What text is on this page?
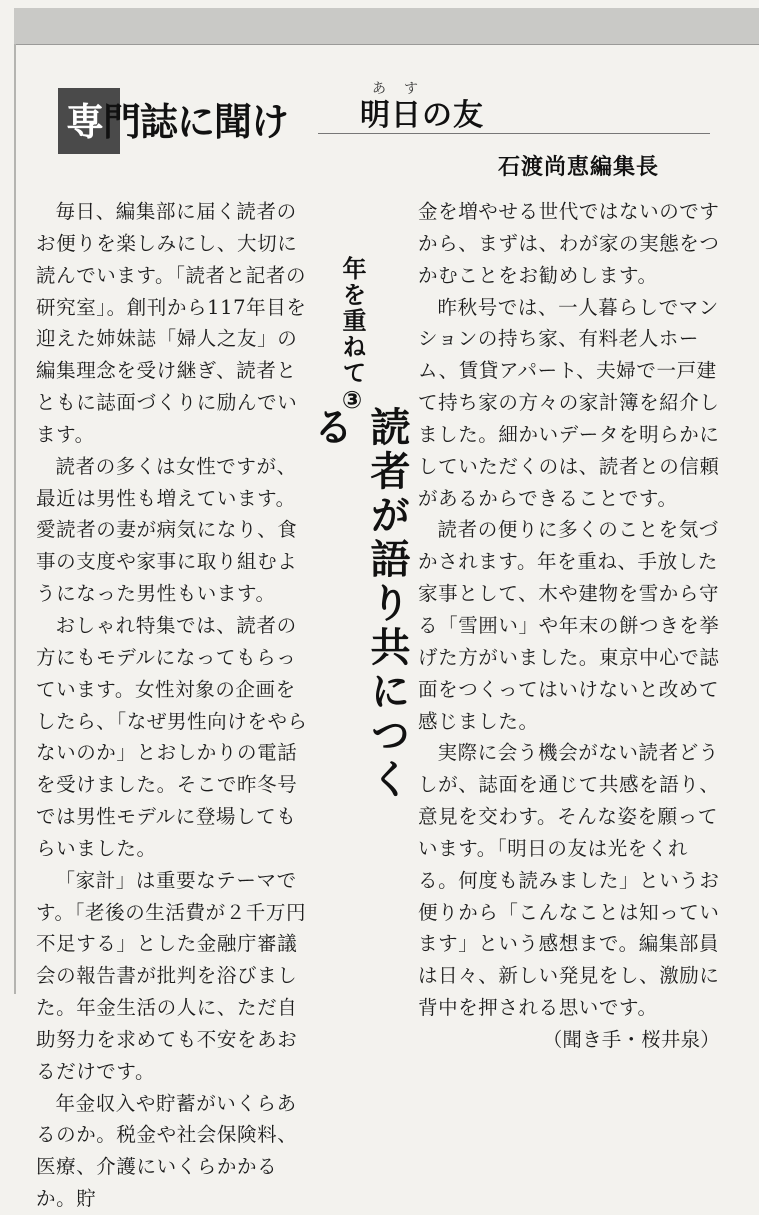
専門誌に聞け
あす
明日の友
石渡尚恵編集長

毎日、編集部に届く読者のお便りを楽しみにし、大切に読んでいます。「読者と記者の研究室」。創刊から117年目を迎えた姉妹誌「婦人之友」の編集理念を受け継ぎ、読者とともに誌面づくりに励んでいます。

読者の多くは女性ですが、最近は男性も増えています。愛読者の妻が病気になり、食事の支度や家事に取り組むようになった男性もいます。

おしゃれ特集では、読者の方にもモデルになってもらっています。女性対象の企画をしたら、「なぜ男性向けをやらないのか」とおしかりの電話を受けました。そこで昨冬号では男性モデルに登場してもらいました。

「家計」は重要なテーマです。「老後の生活費が２千万円不足する」とした金融庁審議会の報告書が批判を浴びました。年金生活の人に、ただ自助努力を求めても不安をあおるだけです。

年金収入や貯蓄がいくらあるのか。税金や社会保険料、医療、介護にいくらかかるか。貯

年を重ねて③
読者が語り共につくる

金を増やせる世代ではないのですから、まずは、わが家の実態をつかむことをお勧めします。

昨秋号では、一人暮らしでマンションの持ち家、有料老人ホーム、賃貸アパート、夫婦で一戸建て持ち家の方々の家計簿を紹介しました。細かいデータを明らかにしていただくのは、読者との信頼があるからできることです。

読者の便りに多くのことを気づかされます。年を重ね、手放した家事として、木や建物を雪から守る「雪囲い」や年末の餅つきを挙げた方がいました。東京中心で誌面をつくってはいけないと改めて感じました。

実際に会う機会がない読者どうしが、誌面を通じて共感を語り、意見を交わす。そんな姿を願っています。「明日の友は光をくれる。何度も読みました」というお便りから「こんなことは知っています」という感想まで。編集部員は日々、新しい発見をし、激励に背中を押される思いです。

（聞き手・桜井泉）
